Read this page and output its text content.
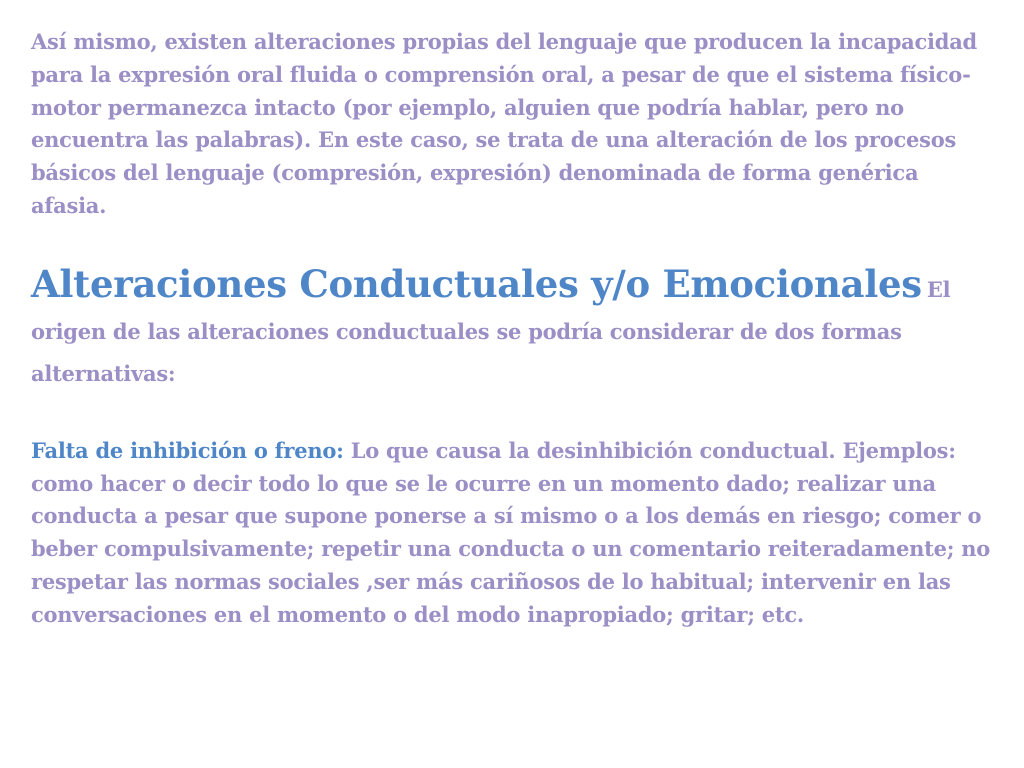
Así mismo, existen alteraciones propias del lenguaje que producen la incapacidad para la expresión oral fluida o comprensión oral, a pesar de que el sistema físico-motor permanezca intacto (por ejemplo, alguien que podría hablar, pero no encuentra las palabras). En este caso, se trata de una alteración de los procesos básicos del lenguaje (compresión, expresión) denominada de forma genérica afasia.

Alteraciones Conductuales y/o Emocionales El origen de las alteraciones conductuales se podría considerar de dos formas alternativas:

Falta de inhibición o freno: Lo que causa la desinhibición conductual. Ejemplos: como hacer o decir todo lo que se le ocurre en un momento dado; realizar una conducta a pesar que supone ponerse a sí mismo o a los demás en riesgo; comer o beber compulsivamente; repetir una conducta o un comentario reiteradamente; no respetar las normas sociales ,ser más cariñosos de lo habitual; intervenir en las conversaciones en el momento o del modo inapropiado; gritar; etc.
